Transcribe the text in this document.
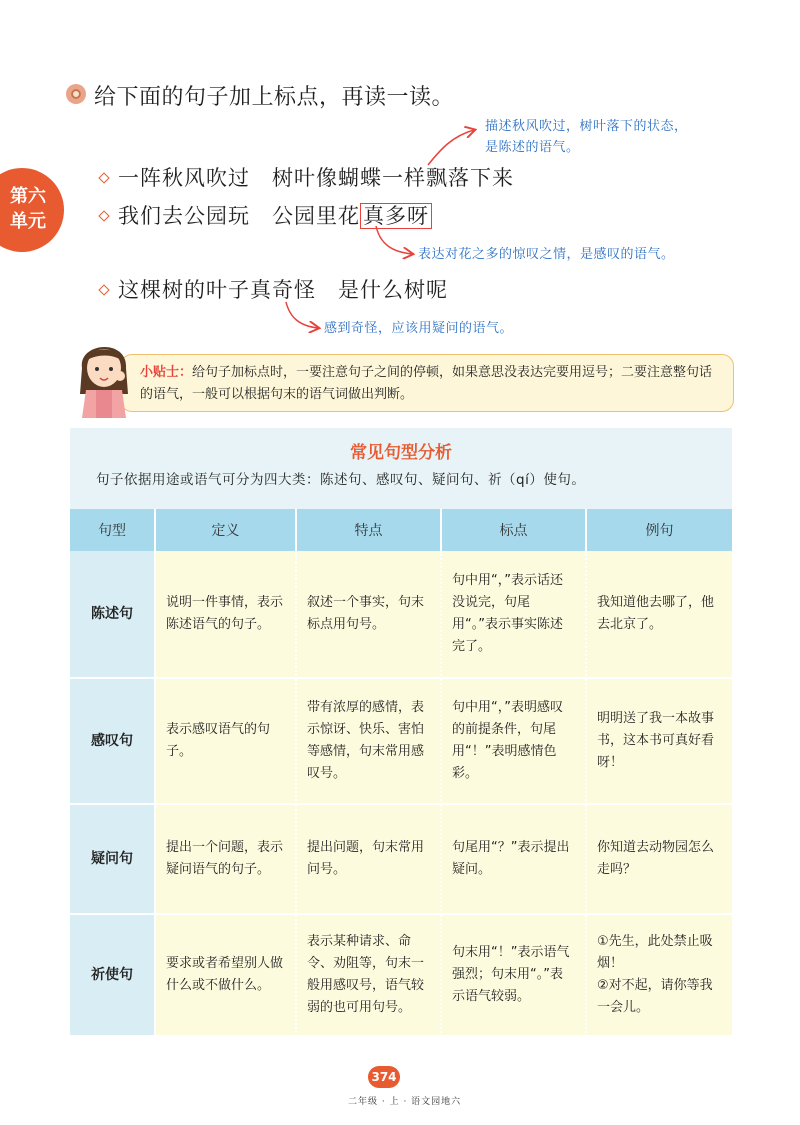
给下面的句子加上标点，再读一读。
第六
单元
一阵秋风吹过 树叶像蝴蝶一样飘落下来
我们去公园玩 公园里花 真多呀
这棵树的叶子真奇怪 是什么树呢
描述秋风吹过，树叶落下的状态，
是陈述的语气。
表达对花之多的惊叹之情，是感叹的语气。
感到奇怪，应该用疑问的语气。
小贴士：给句子加标点时，一要注意句子之间的停顿，如果意思没表达完要用逗号；二要注意整句话的语气，一般可以根据句末的语气词做出判断。
常见句型分析
句子依据用途或语气可分为四大类：陈述句、感叹句、疑问句、祈（qí）使句。
句型	定义	特点	标点	例句
陈述句	说明一件事情，表示陈述语气的句子。	叙述一个事实，句末标点用句号。	句中用“，”表示话还没说完，句尾用“。”表示事实陈述完了。	我知道他去哪了，他去北京了。
感叹句	表示感叹语气的句子。	带有浓厚的感情，表示惊讶、快乐、害怕等感情，句末常用感叹号。	句中用“，”表明感叹的前提条件，句尾用“！”表明感情色彩。	明明送了我一本故事书，这本书可真好看呀！
疑问句	提出一个问题，表示疑问语气的句子。	提出问题，句末常用问号。	句尾用“？”表示提出疑问。	你知道去动物园怎么走吗？
祈使句	要求或者希望别人做什么或不做什么。	表示某种请求、命令、劝阻等，句末一般用感叹号，语气较弱的也可用句号。	句末用“！”表示语气强烈；句末用“。”表示语气较弱。	①先生，此处禁止吸烟！
②对不起，请你等我一会儿。
374
二年级 · 上 · 语文园地六
